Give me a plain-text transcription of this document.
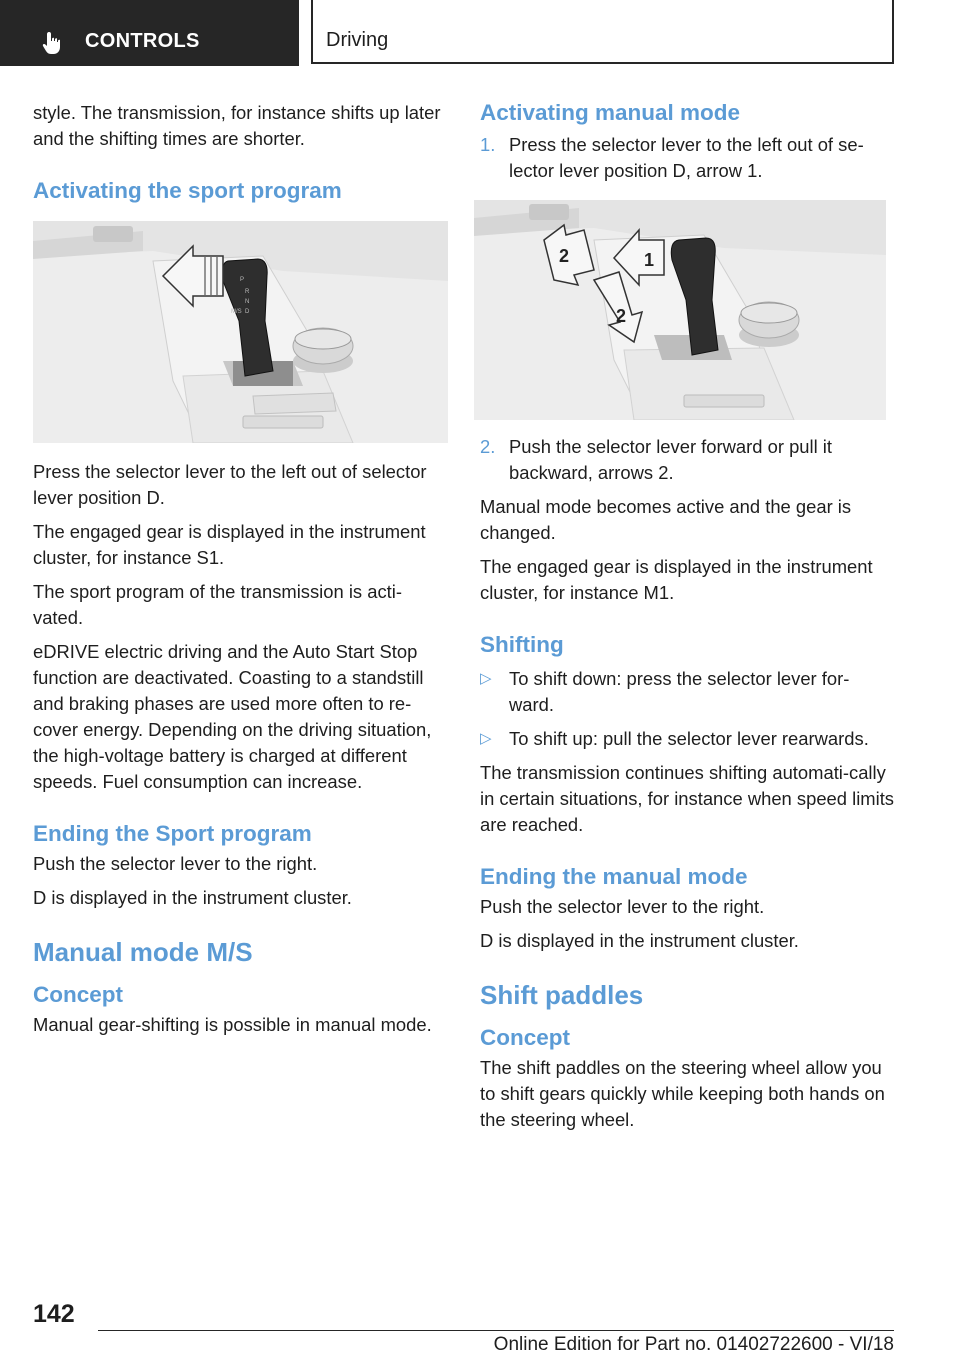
CONTROLS	Driving

style. The transmission, for instance shifts up later and the shifting times are shorter.

Activating the sport program
P
R
N
D
M/S

Press the selector lever to the left out of selector lever position D.

The engaged gear is displayed in the instrument cluster, for instance S1.

The sport program of the transmission is acti-vated.

eDRIVE electric driving and the Auto Start Stop function are deactivated. Coasting to a standstill and braking phases are used more often to re-cover energy. Depending on the driving situation, the high-voltage battery is charged at different speeds. Fuel consumption can increase.

Ending the Sport program

Push the selector lever to the right.

D is displayed in the instrument cluster.

Manual mode M/S
Concept

Manual gear-shifting is possible in manual mode.

Activating manual mode
1. Press the selector lever to the left out of se-lector lever position D, arrow 1.
1
2
2
2. Push the selector lever forward or pull it backward, arrows 2.

Manual mode becomes active and the gear is changed.

The engaged gear is displayed in the instrument cluster, for instance M1.

Shifting
▷ To shift down: press the selector lever for-ward.
▷ To shift up: pull the selector lever rearwards.

The transmission continues shifting automati-cally in certain situations, for instance when speed limits are reached.

Ending the manual mode

Push the selector lever to the right.

D is displayed in the instrument cluster.

Shift paddles
Concept

The shift paddles on the steering wheel allow you to shift gears quickly while keeping both hands on the steering wheel.

142
Online Edition for Part no. 01402722600 - VI/18
